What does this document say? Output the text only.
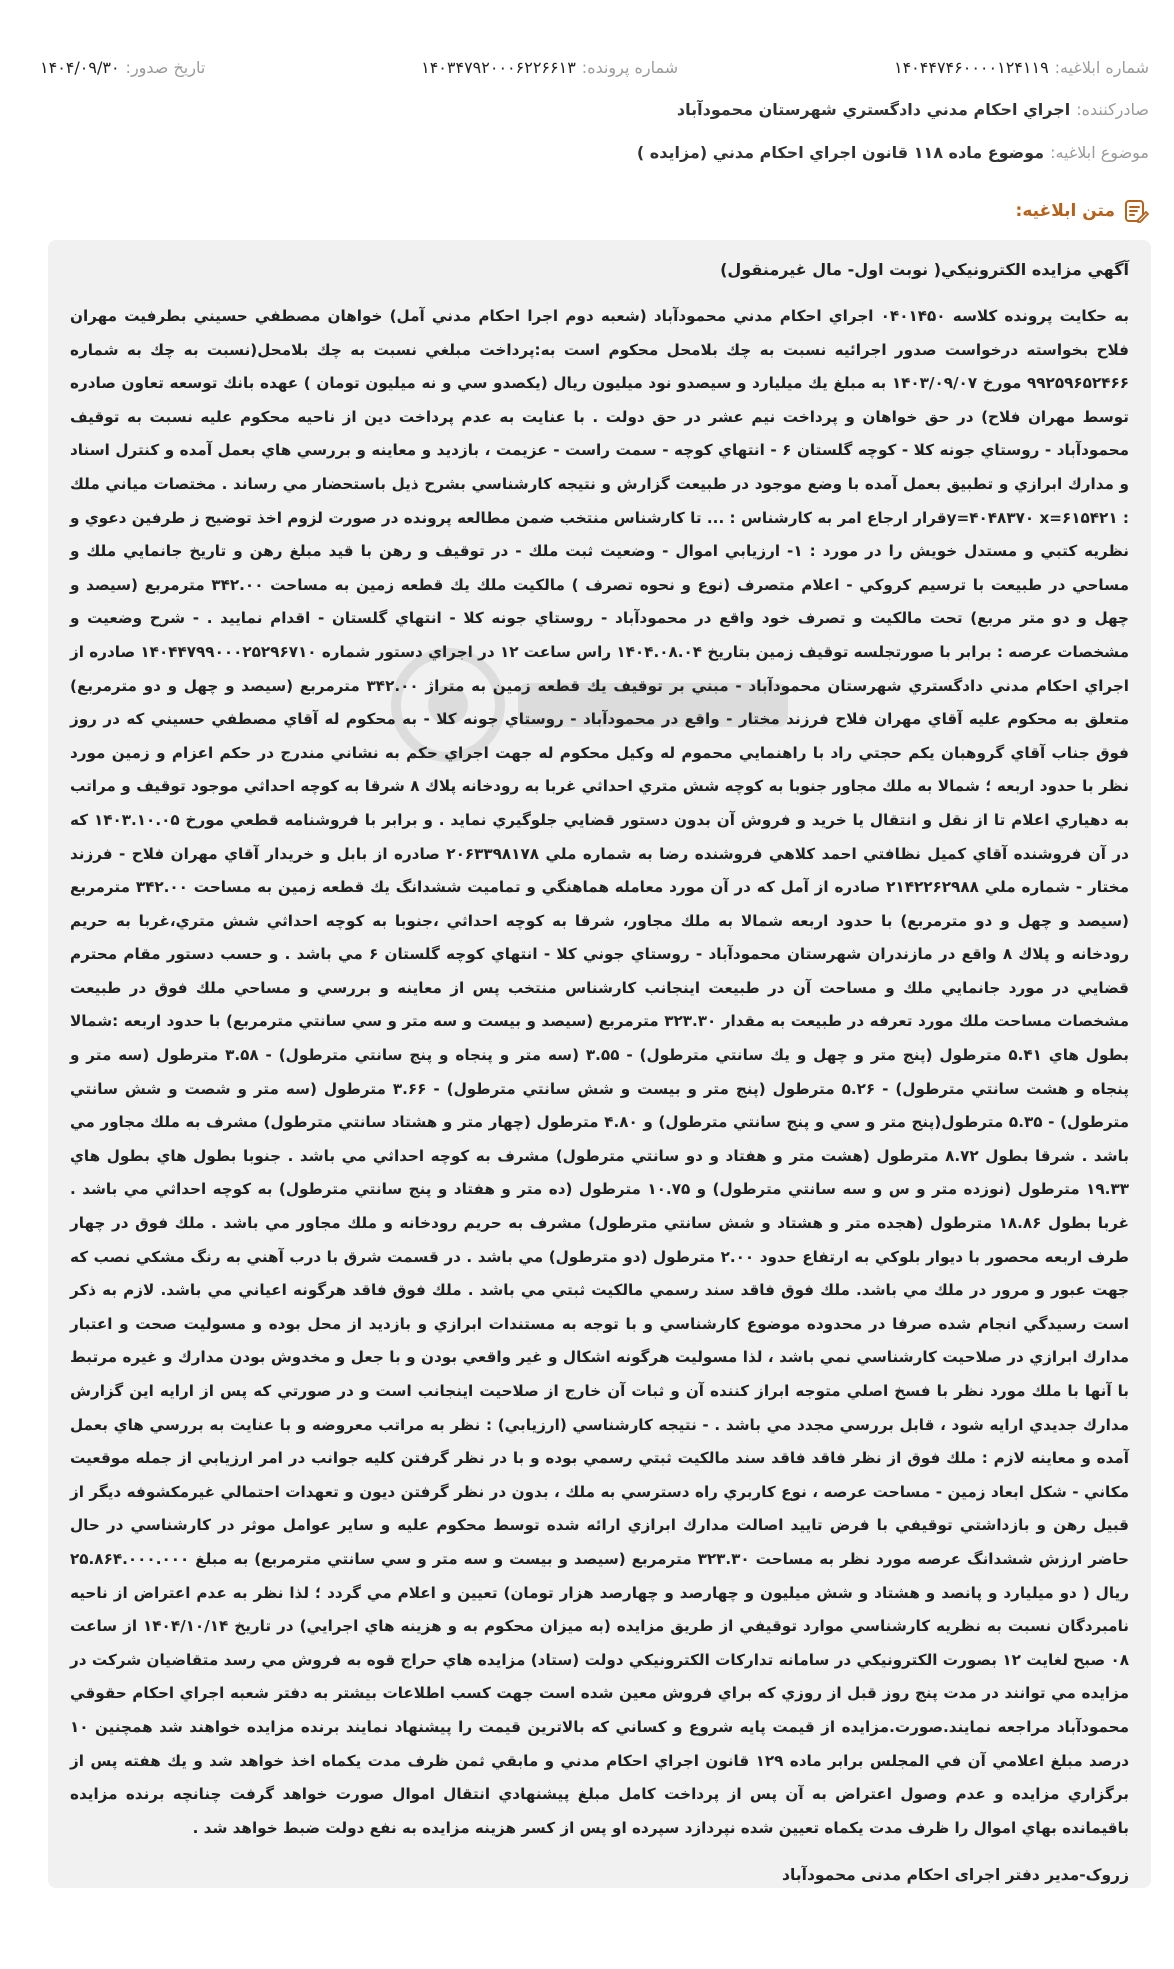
شماره ابلاغیه:
۱۴۰۴۴۷۴۶۰۰۰۰۱۲۴۱۱۹
شماره پرونده:
۱۴۰۳۴۷۹۲۰۰۰۶۲۲۶۶۱۳
تاریخ صدور:
۱۴۰۴/۰۹/۳۰
صادرکننده:
اجراي احكام مدني دادگستري شهرستان محمودآباد
موضوع ابلاغیه:
موضوع ماده ۱۱۸ قانون اجراي احكام مدني (مزايده )
متن ابلاغیه:

آگهي مزايده الكترونيكي( نوبت اول- مال غيرمنقول)

به حكايت پرونده كلاسه ۰۴۰۱۴۵۰ اجراي احكام مدني محمودآباد (شعبه دوم اجرا احكام مدني آمل) خواهان مصطفي حسيني بطرفيت مهران فلاح بخواسته درخواست صدور اجرائيه نسبت به چك بلامحل محكوم است به:پرداخت مبلغي نسبت به چك بلامحل(نسبت به چك به شماره ۹۹۲۵۹۶۵۲۴۶۶ مورخ ۱۴۰۳/۰۹/۰۷ به مبلغ يك ميليارد و سيصدو نود ميليون ريال (يكصدو سي و نه ميليون تومان ) عهده بانك توسعه تعاون صادره توسط مهران فلاح) در حق خواهان و پرداخت نيم عشر در حق دولت . با عنايت به عدم پرداخت دين از ناحيه محكوم عليه نسبت به توقيف محمودآباد - روستاي جونه كلا - كوچه گلستان ۶ - انتهاي كوچه - سمت راست - عزيمت ، بازديد و معاينه و بررسي هاي بعمل آمده و كنترل اسناد و مدارك ابرازي و تطبيق بعمل آمده با وضع موجود در طبيعت گزارش و نتيجه كارشناسي بشرح ذيل باستحضار مي رساند . مختصات مياني ملك : y=۴۰۴۸۳۷۰ x=۶۱۵۴۲۱قرار ارجاع امر به كارشناس : ... تا كارشناس منتخب ضمن مطالعه پرونده در صورت لزوم اخذ توضيح ز طرفين دعوي و نظريه كتبي و مستدل خويش را در مورد : ۱- ارزيابي اموال - وضعيت ثبت ملك - در توقيف و رهن با قيد مبلغ رهن و تاريخ جانمايي ملك و مساحي در طبيعت با ترسيم كروكي - اعلام متصرف (نوع و نحوه تصرف ) مالكيت ملك يك قطعه زمين به مساحت ۳۴۲.۰۰ مترمربع (سيصد و چهل و دو متر مربع) تحت مالكيت و تصرف خود واقع در محمودآباد - روستاي جونه كلا - انتهاي گلستان - اقدام نماييد . - شرح وضعيت و مشخصات عرصه : برابر با صورتجلسه توقيف زمين بتاريخ ۱۴۰۴.۰۸.۰۴ راس ساعت ۱۲ در اجراي دستور شماره ۱۴۰۴۴۷۹۹۰۰۰۲۵۲۹۶۷۱۰ صادره از اجراي احكام مدني دادگستري شهرستان محمودآباد - مبني بر توقيف يك قطعه زمين به متراژ ۳۴۲.۰۰ مترمربع (سيصد و چهل و دو مترمربع) متعلق به محكوم عليه آقاي مهران فلاح فرزند مختار - واقع در محمودآباد - روستاي جونه كلا - به محكوم له آقاي مصطفي حسيني كه در روز فوق جناب آقاي گروهبان يكم حجتي راد با راهنمايي محموم له وكيل محكوم له جهت اجراي حكم به نشاني مندرج در حكم اعزام و زمين مورد نظر با حدود اربعه ؛ شمالا به ملك مجاور جنوبا به كوچه شش متري احداثي غربا به رودخانه پلاك ۸ شرقا به كوچه احداثي موجود توقيف و مراتب به دهياري اعلام تا از نقل و انتقال يا خريد و فروش آن بدون دستور قضايي جلوگيري نمايد . و برابر با فروشنامه قطعي مورخ ۱۴۰۳.۱۰.۰۵ كه در آن فروشنده آقاي كميل نظافتي احمد كلاهي فروشنده رضا به شماره ملي ۲۰۶۳۳۹۸۱۷۸ صادره از بابل و خريدار آقاي مهران فلاح - فرزند مختار - شماره ملي ۲۱۴۲۲۶۲۹۸۸ صادره از آمل كه در آن مورد معامله هماهنگي و تماميت ششدانگ يك قطعه زمين به مساحت ۳۴۲.۰۰ مترمربع (سيصد و چهل و دو مترمربع) با حدود اربعه شمالا به ملك مجاور، شرقا به كوچه احداثي ،جنوبا به كوچه احداثي شش متري،غربا به حريم رودخانه و پلاك ۸ واقع در مازندران شهرستان محمودآباد - روستاي جوني كلا - انتهاي كوچه گلستان ۶ مي باشد . و حسب دستور مقام محترم قضايي در مورد جانمايي ملك و مساحت آن در طبيعت اينجانب كارشناس منتخب پس از معاينه و بررسي و مساحي ملك فوق در طبيعت مشخصات مساحت ملك مورد تعرفه در طبيعت به مقدار ۳۲۳.۳۰ مترمربع (سيصد و بيست و سه متر و سي سانتي مترمربع) با حدود اربعه :شمالا بطول هاي ۵.۴۱ مترطول (پنج متر و چهل و يك سانتي مترطول) - ۳.۵۵ (سه متر و پنجاه و پنج سانتي مترطول) - ۳.۵۸ مترطول (سه متر و پنجاه و هشت سانتي مترطول) - ۵.۲۶ مترطول (پنج متر و بيست و شش سانتي مترطول) - ۳.۶۶ مترطول (سه متر و شصت و شش سانتي مترطول) - ۵.۳۵ مترطول(پنج متر و سي و پنج سانتي مترطول) و ۴.۸۰ مترطول (چهار متر و هشتاد سانتي مترطول) مشرف به ملك مجاور مي باشد . شرقا بطول ۸.۷۲ مترطول (هشت متر و هفتاد و دو سانتي مترطول) مشرف به كوچه احداثي مي باشد . جنوبا بطول هاي بطول هاي ۱۹.۳۳ مترطول (نوزده متر و س و سه سانتي مترطول) و ۱۰.۷۵ مترطول (ده متر و هفتاد و پنج سانتي مترطول) به كوچه احداثي مي باشد . غربا بطول ۱۸.۸۶ مترطول (هجده متر و هشتاد و شش سانتي مترطول) مشرف به حريم رودخانه و ملك مجاور مي باشد . ملك فوق در چهار طرف اربعه محصور با ديوار بلوكي به ارتفاع حدود ۲.۰۰ مترطول (دو مترطول) مي باشد . در قسمت شرق با درب آهني به رنگ مشكي نصب كه جهت عبور و مرور در ملك مي باشد. ملك فوق فاقد سند رسمي مالكيت ثبتي مي باشد . ملك فوق فاقد هرگونه اعياني مي باشد. لازم به ذكر است رسيدگي انجام شده صرفا در محدوده موضوع كارشناسي و با توجه به مستندات ابرازي و بازديد از محل بوده و مسوليت صحت و اعتبار مدارك ابرازي در صلاحيت كارشناسي نمي باشد ، لذا مسوليت هرگونه اشكال و غير واقعي بودن و با جعل و مخدوش بودن مدارك و غيره مرتبط با آنها با ملك مورد نظر با فسخ اصلي متوجه ابراز كننده آن و ثبات آن خارج از صلاحيت اينجانب است و در صورتي كه پس از ارايه اين گزارش مدارك جديدي ارايه شود ، قابل بررسي مجدد مي باشد . - نتيجه كارشناسي (ارزيابي) : نظر به مراتب معروضه و با عنايت به بررسي هاي بعمل آمده و معاينه لازم : ملك فوق از نظر فاقد فاقد سند مالكيت ثبتي رسمي بوده و با در نظر گرفتن كليه جوانب در امر ارزيابي از جمله موقعيت مكاني - شكل ابعاد زمين - مساحت عرصه ، نوع كاربري راه دسترسي به ملك ، بدون در نظر گرفتن ديون و تعهدات احتمالي غيرمكشوفه ديگر از قبيل رهن و بازداشتي توقيفي با فرض تاييد اصالت مدارك ابرازي ارائه شده توسط محكوم عليه و ساير عوامل موثر در كارشناسي در حال حاضر ارزش ششدانگ عرصه مورد نظر به مساحت ۳۲۳.۳۰ مترمربع (سيصد و بيست و سه متر و سي سانتي مترمربع) به مبلغ ۲۵.۸۶۴.۰۰۰.۰۰۰ ريال ( دو ميليارد و پانصد و هشتاد و شش ميليون و چهارصد و چهارصد هزار تومان) تعيين و اعلام مي گردد ؛ لذا نظر به عدم اعتراض از ناحيه نامبردگان نسبت به نظريه كارشناسي موارد توقيفي از طريق مزايده (به ميزان محكوم به و هزينه هاي اجرايي) در تاريخ ۱۴۰۴/۱۰/۱۴ از ساعت ۰۸ صبح لغايت ۱۲ بصورت الكترونيكي در سامانه تداركات الكترونيكي دولت (ستاد) مزايده هاي حراج قوه به فروش مي رسد متقاضيان شركت در مزايده مي توانند در مدت پنج روز قبل از روزي كه براي فروش معين شده است جهت كسب اطلاعات بيشتر به دفتر شعبه اجراي احكام حقوقي محمودآباد مراجعه نمايند.صورت.مزايده از قيمت پايه شروع و كساني كه بالاترين قيمت را پيشنهاد نمايند برنده مزايده خواهند شد همچنين ۱۰ درصد مبلغ اعلامي آن في المجلس برابر ماده ۱۲۹ قانون اجراي احكام مدني و مابقي ثمن ظرف مدت يكماه اخذ خواهد شد و يك هفته پس از برگزاري مزايده و عدم وصول اعتراض به آن پس از پرداخت كامل مبلغ پيشنهادي انتقال اموال صورت خواهد گرفت چنانچه برنده مزايده باقيمانده بهاي اموال را ظرف مدت يكماه تعيين شده نپردازد سپرده او پس از كسر هزينه مزايده به نفع دولت ضبط خواهد شد .

زروک-مدير دفتر اجراى احكام مدنى محمودآباد
